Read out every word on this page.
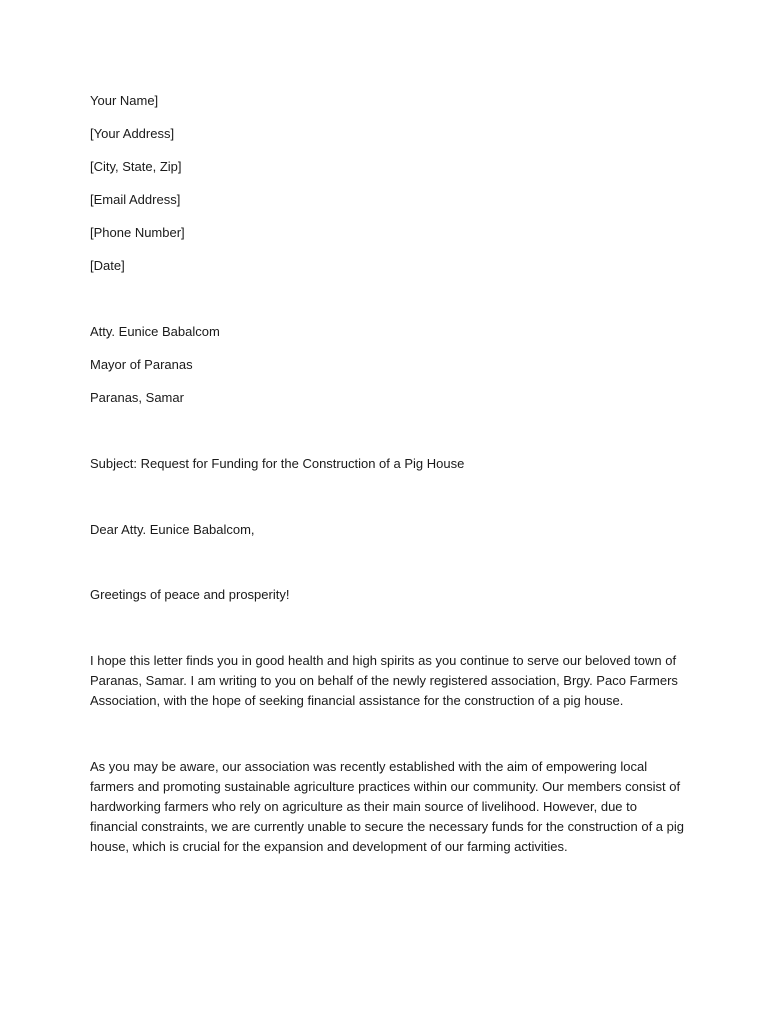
Your Name]
[Your Address]
[City, State, Zip]
[Email Address]
[Phone Number]
[Date]
Atty. Eunice Babalcom
Mayor of Paranas
Paranas, Samar
Subject: Request for Funding for the Construction of a Pig House
Dear Atty. Eunice Babalcom,
Greetings of peace and prosperity!
I hope this letter finds you in good health and high spirits as you continue to serve our beloved town of
Paranas, Samar. I am writing to you on behalf of the newly registered association, Brgy. Paco Farmers
Association, with the hope of seeking financial assistance for the construction of a pig house.
As you may be aware, our association was recently established with the aim of empowering local
farmers and promoting sustainable agriculture practices within our community. Our members consist of
hardworking farmers who rely on agriculture as their main source of livelihood. However, due to
financial constraints, we are currently unable to secure the necessary funds for the construction of a pig
house, which is crucial for the expansion and development of our farming activities.
